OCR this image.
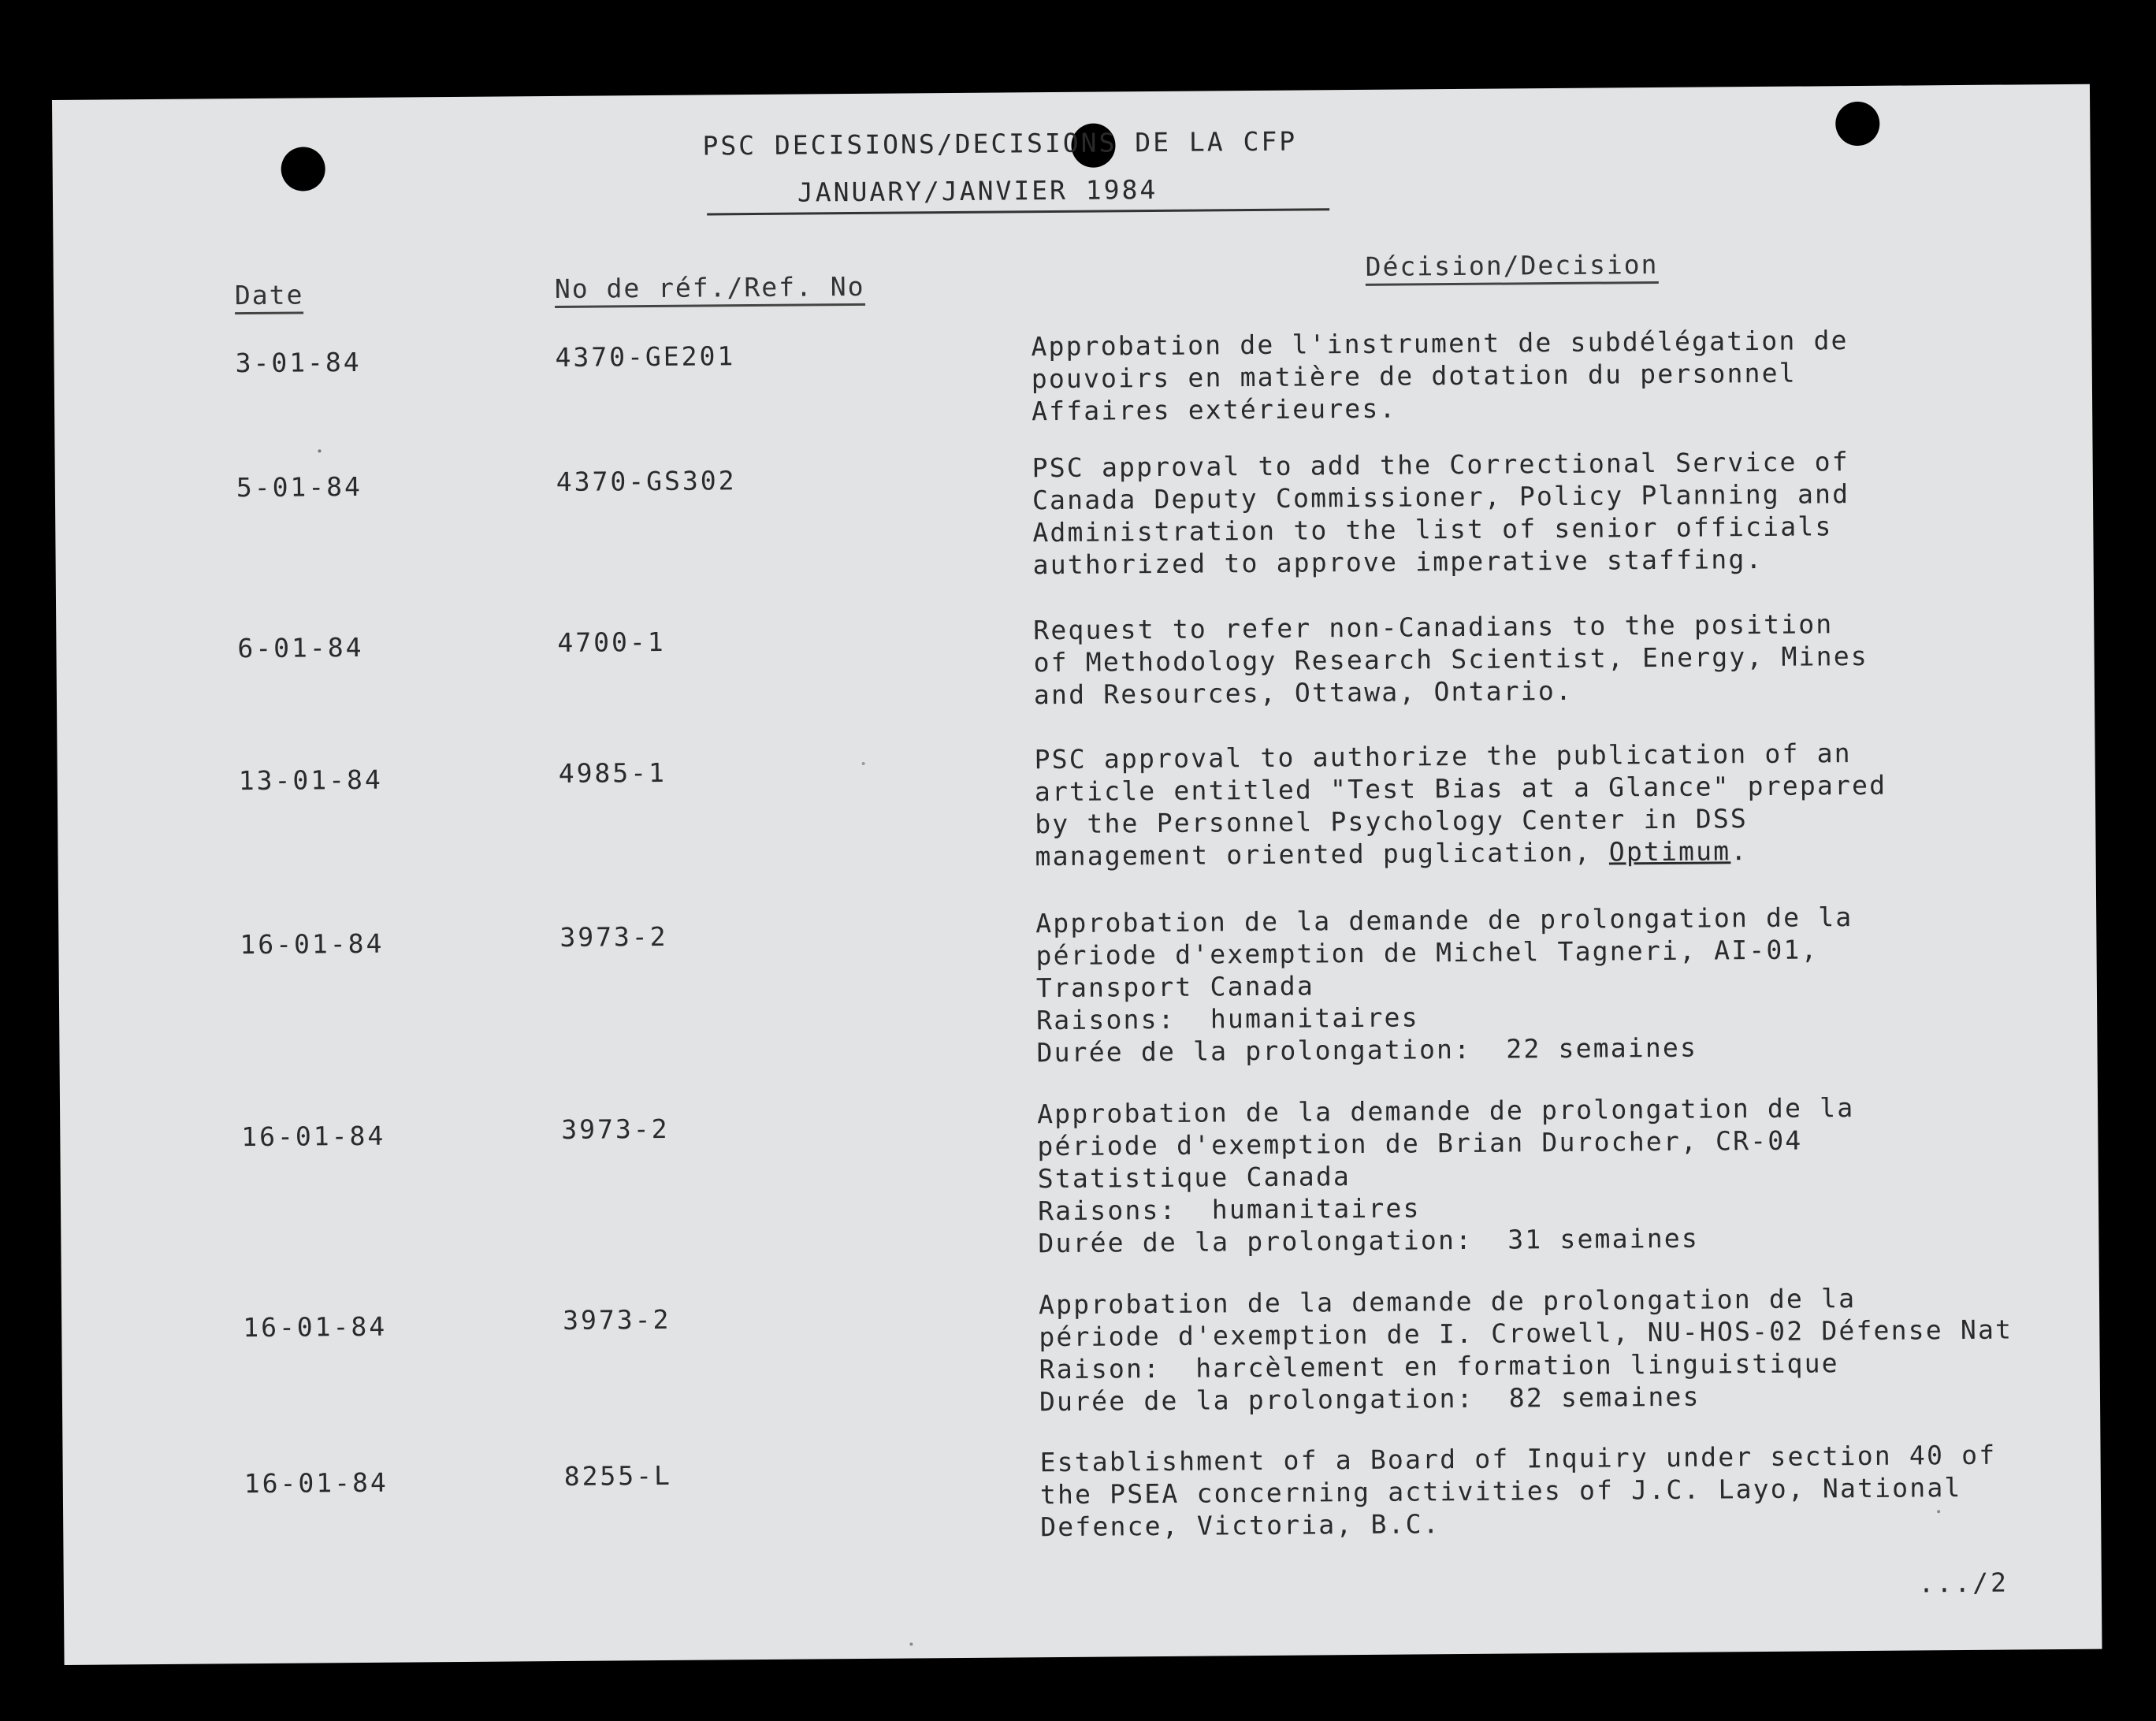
PSC DECISIONS/DECISIONS DE LA CFP
JANUARY/JANVIER 1984
Date	No de réf./Ref. No
Décision/Decision
3-01-84	4370-GE201	Approbation de l'instrument de subdélégation de
pouvoirs en matière de dotation du personnel
Affaires extérieures.
5-01-84	4370-GS302	PSC approval to add the Correctional Service of
Canada Deputy Commissioner, Policy Planning and
Administration to the list of senior officials
authorized to approve imperative staffing.
6-01-84	4700-1	Request to refer non-Canadians to the position
of Methodology Research Scientist, Energy, Mines
and Resources, Ottawa, Ontario.
13-01-84	4985-1	PSC approval to authorize the publication of an
article entitled "Test Bias at a Glance" prepared
by the Personnel Psychology Center in DSS
management oriented puglication, Optimum.
16-01-84	3973-2	Approbation de la demande de prolongation de la
période d'exemption de Michel Tagneri, AI-01,
Transport Canada
Raisons:  humanitaires
Durée de la prolongation:  22 semaines
16-01-84	3973-2	Approbation de la demande de prolongation de la
période d'exemption de Brian Durocher, CR-04
Statistique Canada
Raisons:  humanitaires
Durée de la prolongation:  31 semaines
16-01-84	3973-2	Approbation de la demande de prolongation de la
période d'exemption de I. Crowell, NU-HOS-02 Défense Nat
Raison:  harcèlement en formation linguistique
Durée de la prolongation:  82 semaines
16-01-84	8255-L	Establishment of a Board of Inquiry under section 40 of
the PSEA concerning activities of J.C. Layo, National
Defence, Victoria, B.C.
.../2
